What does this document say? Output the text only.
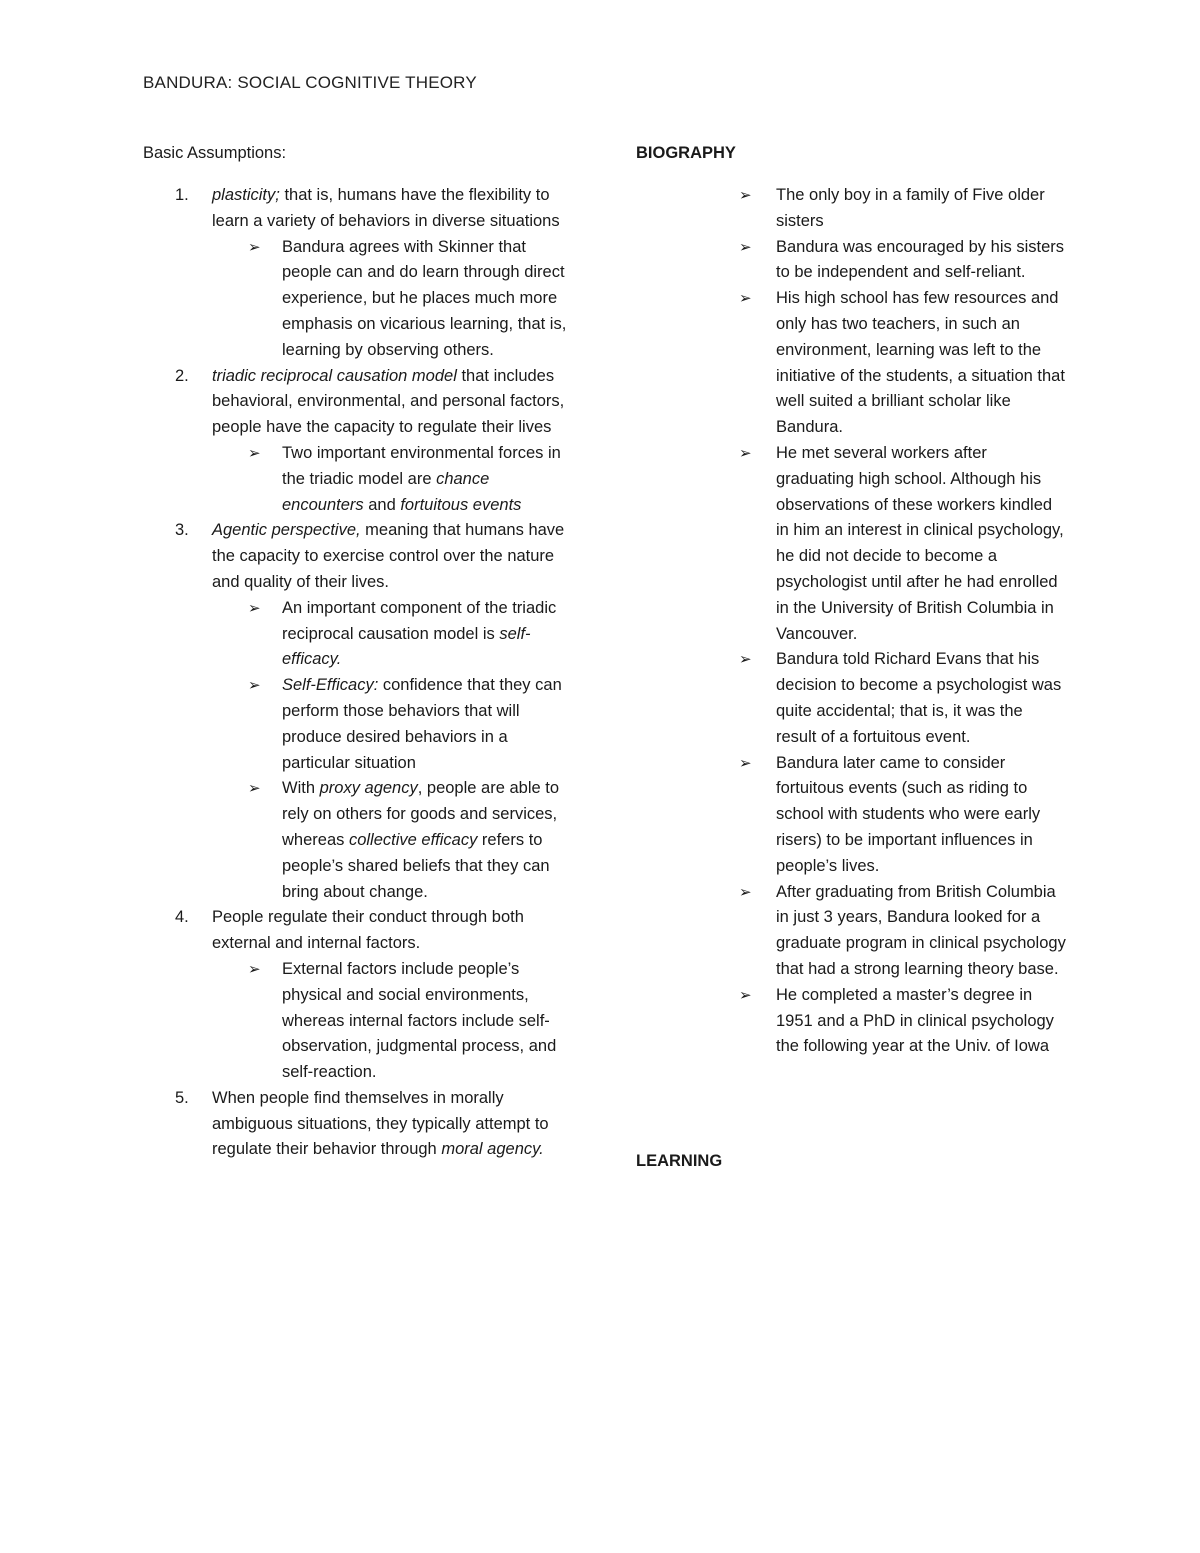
BANDURA: SOCIAL COGNITIVE THEORY
Basic Assumptions:
1. plasticity; that is, humans have the flexibility to learn a variety of behaviors in diverse situations
➢ Bandura agrees with Skinner that people can and do learn through direct experience, but he places much more emphasis on vicarious learning, that is, learning by observing others.
2. triadic reciprocal causation model that includes behavioral, environmental, and personal factors, people have the capacity to regulate their lives
➢ Two important environmental forces in the triadic model are chance encounters and fortuitous events
3. Agentic perspective, meaning that humans have the capacity to exercise control over the nature and quality of their lives.
➢ An important component of the triadic reciprocal causation model is self-efficacy.
➢ Self-Efficacy: confidence that they can perform those behaviors that will produce desired behaviors in a particular situation
➢ With proxy agency, people are able to rely on others for goods and services, whereas collective efficacy refers to people’s shared beliefs that they can bring about change.
4. People regulate their conduct through both external and internal factors.
➢ External factors include people’s physical and social environments, whereas internal factors include self-observation, judgmental process, and self-reaction.
5. When people find themselves in morally ambiguous situations, they typically attempt to regulate their behavior through moral agency.
BIOGRAPHY
➢ The only boy in a family of Five older sisters
➢ Bandura was encouraged by his sisters to be independent and self-reliant.
➢ His high school has few resources and only has two teachers, in such an environment, learning was left to the initiative of the students, a situation that well suited a brilliant scholar like Bandura.
➢ He met several workers after graduating high school. Although his observations of these workers kindled in him an interest in clinical psychology, he did not decide to become a psychologist until after he had enrolled in the University of British Columbia in Vancouver.
➢ Bandura told Richard Evans that his decision to become a psychologist was quite accidental; that is, it was the result of a fortuitous event.
➢ Bandura later came to consider fortuitous events (such as riding to school with students who were early risers) to be important influences in people’s lives.
➢ After graduating from British Columbia in just 3 years, Bandura looked for a graduate program in clinical psychology that had a strong learning theory base.
➢ He completed a master’s degree in 1951 and a PhD in clinical psychology the following year at the Univ. of Iowa
LEARNING
